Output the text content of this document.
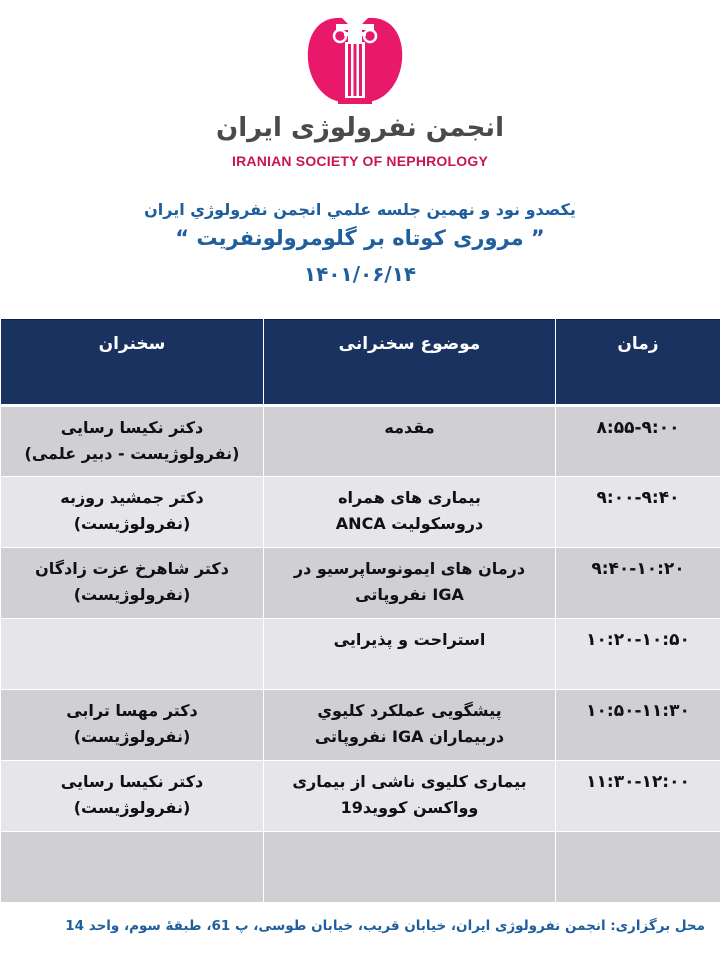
انجمن نفرولوژی ایران
IRANIAN SOCIETY OF NEPHROLOGY
يكصدو نود و نهمين جلسه علمي انجمن نفرولوژي ايران
” مروری کوتاه بر گلومرولونفریت “
۱۴۰۱/۰۶/۱۴
زمان	موضوع سخنرانی	سخنران
۸:۵۵-۹:۰۰	مقدمه	دكتر نكيسا رسايی
(نفرولوژيست - دبير علمی)
۹:۰۰-۹:۴۰	بیماری های همراه
دروسکولیت ANCA	دكتر جمشید روزبه
(نفرولوژيست)
۹:۴۰-۱۰:۲۰	درمان های ایمونوساپرسیو در
IGA نفروپاتی	دكتر شاهرخ عزت زادگان
(نفرولوژيست)
۱۰:۲۰-۱۰:۵۰	استراحت و پذیرایی	
۱۰:۵۰-۱۱:۳۰	پیشگویی عملکرد کلیوي
دربیماران IGA نفروپاتی	دكتر مهسا ترابی
(نفرولوژيست)
۱۱:۳۰-۱۲:۰۰	بیماری کلیوی ناشی از بیماری
وواکسن کووید19	دكتر نكيسا رسايی
(نفرولوژيست)

محل برگزاری: انجمن نفرولوژی ایران، خیابان قریب، خیابان طوسی، پ 61، طبقۀ سوم، واحد 14
